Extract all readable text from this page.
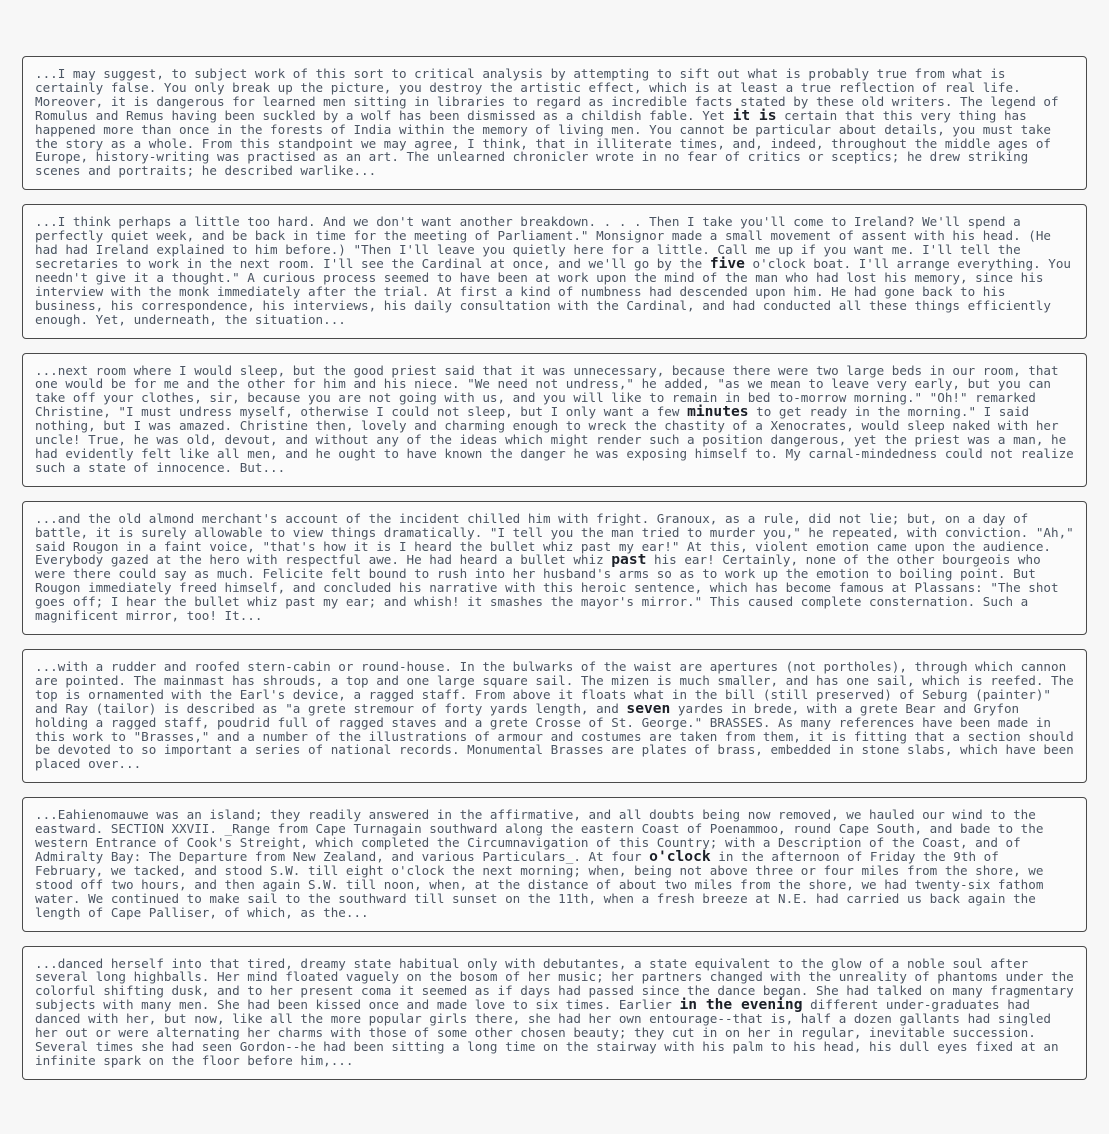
...I may suggest, to subject work of this sort to critical analysis by attempting to sift out what is probably true from what is certainly false. You only break up the picture, you destroy the artistic effect, which is at least a true reflection of real life. Moreover, it is dangerous for learned men sitting in libraries to regard as incredible facts stated by these old writers. The legend of Romulus and Remus having been suckled by a wolf has been dismissed as a childish fable. Yet it is certain that this very thing has happened more than once in the forests of India within the memory of living men. You cannot be particular about details, you must take the story as a whole. From this standpoint we may agree, I think, that in illiterate times, and, indeed, throughout the middle ages of Europe, history-writing was practised as an art. The unlearned chronicler wrote in no fear of critics or sceptics; he drew striking scenes and portraits; he described warlike...
...I think perhaps a little too hard. And we don't want another breakdown. . . . Then I take you'll come to Ireland? We'll spend a perfectly quiet week, and be back in time for the meeting of Parliament." Monsignor made a small movement of assent with his head. (He had had Ireland explained to him before.) "Then I'll leave you quietly here for a little. Call me up if you want me. I'll tell the secretaries to work in the next room. I'll see the Cardinal at once, and we'll go by the five o'clock boat. I'll arrange everything. You needn't give it a thought." A curious process seemed to have been at work upon the mind of the man who had lost his memory, since his interview with the monk immediately after the trial. At first a kind of numbness had descended upon him. He had gone back to his business, his correspondence, his interviews, his daily consultation with the Cardinal, and had conducted all these things efficiently enough. Yet, underneath, the situation...
...next room where I would sleep, but the good priest said that it was unnecessary, because there were two large beds in our room, that one would be for me and the other for him and his niece. "We need not undress," he added, "as we mean to leave very early, but you can take off your clothes, sir, because you are not going with us, and you will like to remain in bed to-morrow morning." "Oh!" remarked Christine, "I must undress myself, otherwise I could not sleep, but I only want a few minutes to get ready in the morning." I said nothing, but I was amazed. Christine then, lovely and charming enough to wreck the chastity of a Xenocrates, would sleep naked with her uncle! True, he was old, devout, and without any of the ideas which might render such a position dangerous, yet the priest was a man, he had evidently felt like all men, and he ought to have known the danger he was exposing himself to. My carnal-mindedness could not realize such a state of innocence. But...
...and the old almond merchant's account of the incident chilled him with fright. Granoux, as a rule, did not lie; but, on a day of battle, it is surely allowable to view things dramatically. "I tell you the man tried to murder you," he repeated, with conviction. "Ah," said Rougon in a faint voice, "that's how it is I heard the bullet whiz past my ear!" At this, violent emotion came upon the audience. Everybody gazed at the hero with respectful awe. He had heard a bullet whiz past his ear! Certainly, none of the other bourgeois who were there could say as much. Felicite felt bound to rush into her husband's arms so as to work up the emotion to boiling point. But Rougon immediately freed himself, and concluded his narrative with this heroic sentence, which has become famous at Plassans: "The shot goes off; I hear the bullet whiz past my ear; and whish! it smashes the mayor's mirror." This caused complete consternation. Such a magnificent mirror, too! It...
...with a rudder and roofed stern-cabin or round-house. In the bulwarks of the waist are apertures (not portholes), through which cannon are pointed. The mainmast has shrouds, a top and one large square sail. The mizen is much smaller, and has one sail, which is reefed. The top is ornamented with the Earl's device, a ragged staff. From above it floats what in the bill (still preserved) of Seburg (painter)" and Ray (tailor) is described as "a grete stremour of forty yards length, and seven yardes in brede, with a grete Bear and Gryfon holding a ragged staff, poudrid full of ragged staves and a grete Crosse of St. George." BRASSES. As many references have been made in this work to "Brasses," and a number of the illustrations of armour and costumes are taken from them, it is fitting that a section should be devoted to so important a series of national records. Monumental Brasses are plates of brass, embedded in stone slabs, which have been placed over...
...Eahienomauwe was an island; they readily answered in the affirmative, and all doubts being now removed, we hauled our wind to the eastward. SECTION XXVII. _Range from Cape Turnagain southward along the eastern Coast of Poenammoo, round Cape South, and bade to the western Entrance of Cook's Streight, which completed the Circumnavigation of this Country; with a Description of the Coast, and of Admiralty Bay: The Departure from New Zealand, and various Particulars_. At four o'clock in the afternoon of Friday the 9th of February, we tacked, and stood S.W. till eight o'clock the next morning; when, being not above three or four miles from the shore, we stood off two hours, and then again S.W. till noon, when, at the distance of about two miles from the shore, we had twenty-six fathom water. We continued to make sail to the southward till sunset on the 11th, when a fresh breeze at N.E. had carried us back again the length of Cape Palliser, of which, as the...
...danced herself into that tired, dreamy state habitual only with debutantes, a state equivalent to the glow of a noble soul after several long highballs. Her mind floated vaguely on the bosom of her music; her partners changed with the unreality of phantoms under the colorful shifting dusk, and to her present coma it seemed as if days had passed since the dance began. She had talked on many fragmentary subjects with many men. She had been kissed once and made love to six times. Earlier in the evening different under-graduates had danced with her, but now, like all the more popular girls there, she had her own entourage--that is, half a dozen gallants had singled her out or were alternating her charms with those of some other chosen beauty; they cut in on her in regular, inevitable succession. Several times she had seen Gordon--he had been sitting a long time on the stairway with his palm to his head, his dull eyes fixed at an infinite spark on the floor before him,...
